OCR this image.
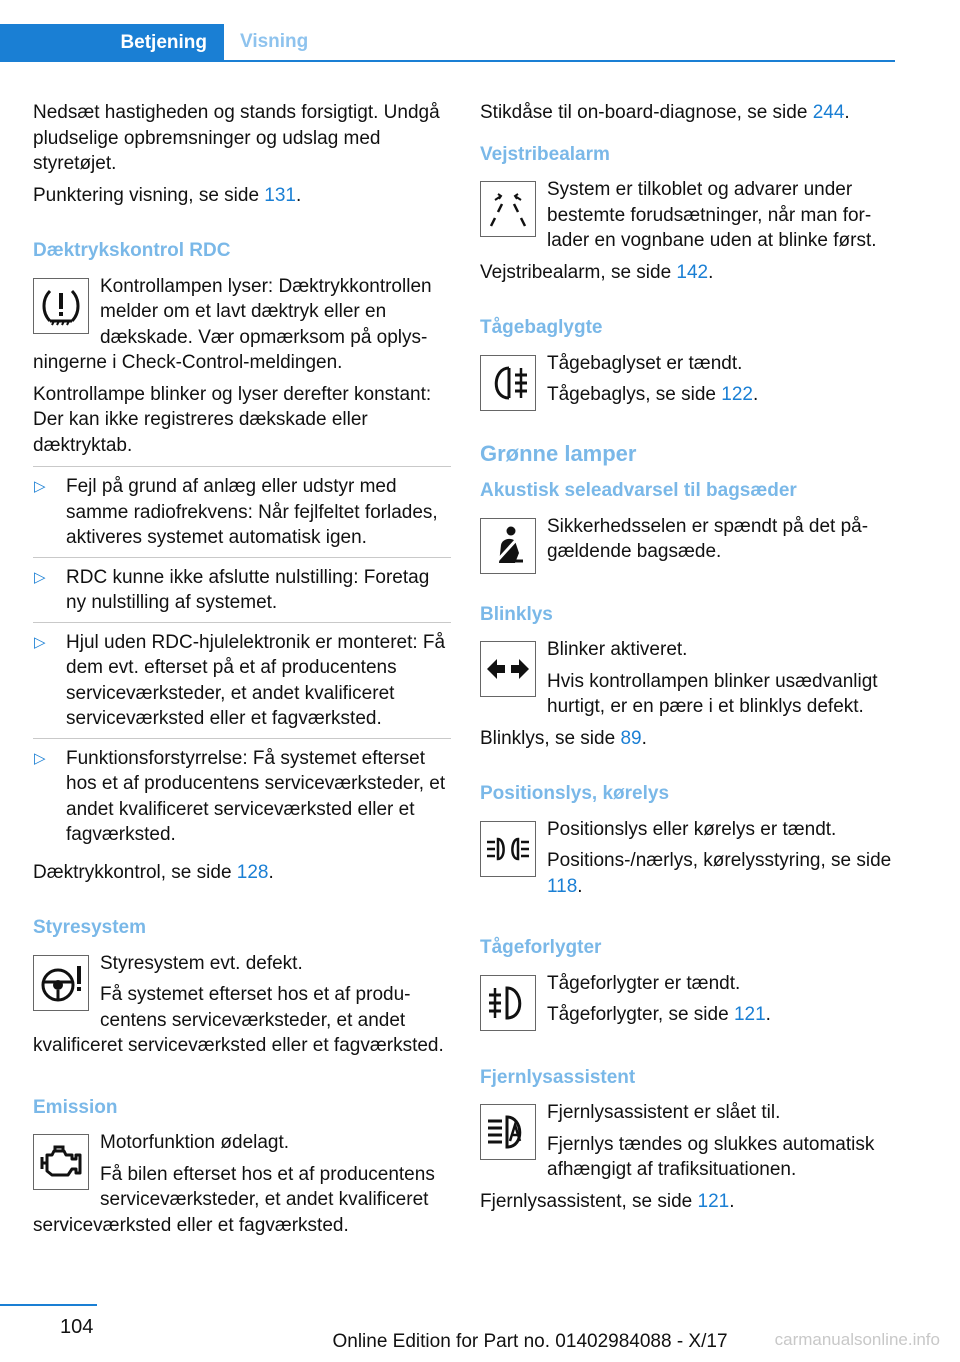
Betjening	Visning

Nedsæt hastigheden og stands forsigtigt. Undgå pludselige opbremsninger og udslag med styretøjet.

Punktering visning, se side 131.

Dæktrykskontrol RDC

Kontrollampen lyser: Dæktrykkontrollen melder om et lavt dæktryk eller en dækskade. Vær opmærksom på oplysningerne i Check-Control-meldingen.

Kontrollampe blinker og lyser derefter konstant: Der kan ikke registreres dækskade eller dæktryktab.

▷ Fejl på grund af anlæg eller udstyr med samme radiofrekvens: Når fejlfeltet forlades, aktiveres systemet automatisk igen.
▷ RDC kunne ikke afslutte nulstilling: Foretag ny nulstilling af systemet.
▷ Hjul uden RDC-hjulelektronik er monteret: Få dem evt. efterset på et af producentens serviceværksteder, et andet kvalificeret serviceværksted eller et fagværksted.
▷ Funktionsforstyrrelse: Få systemet efterset hos et af producentens serviceværksteder, et andet kvalificeret serviceværksted eller et fagværksted.

Dæktrykkontrol, se side 128.

Styresystem

Styresystem evt. defekt.

Få systemet efterset hos et af producentens serviceværksteder, et andet kvalificeret serviceværksted eller et fagværksted.

Emission

Motorfunktion ødelagt.

Få bilen efterset hos et af producentens serviceværksteder, et andet kvalificeret serviceværksted eller et fagværksted.

Stikdåse til on-board-diagnose, se side 244.

Vejstribealarm

System er tilkoblet og advarer under bestemte forudsætninger, når man forlader en vognbane uden at blinke først.

Vejstribealarm, se side 142.

Tågebaglygte

Tågebaglyset er tændt.

Tågebaglys, se side 122.

Grønne lamper
Akustisk seleadvarsel til bagsæder

Sikkerhedsselen er spændt på det pågældende bagsæde.

Blinklys

Blinker aktiveret.

Hvis kontrollampen blinker usædvanligt hurtigt, er en pære i et blinklys defekt.

Blinklys, se side 89.

Positionslys, kørelys

Positionslys eller kørelys er tændt.

Positions-/nærlys, kørelysstyring, se side 118.

Tågeforlygter

Tågeforlygter er tændt.

Tågeforlygter, se side 121.

Fjernlysassistent

Fjernlysassistent er slået til.

Fjernlys tændes og slukkes automatisk afhængigt af trafiksituationen.

Fjernlysassistent, se side 121.

104
Online Edition for Part no. 01402984088 - X/17	carmanualsonline.info
